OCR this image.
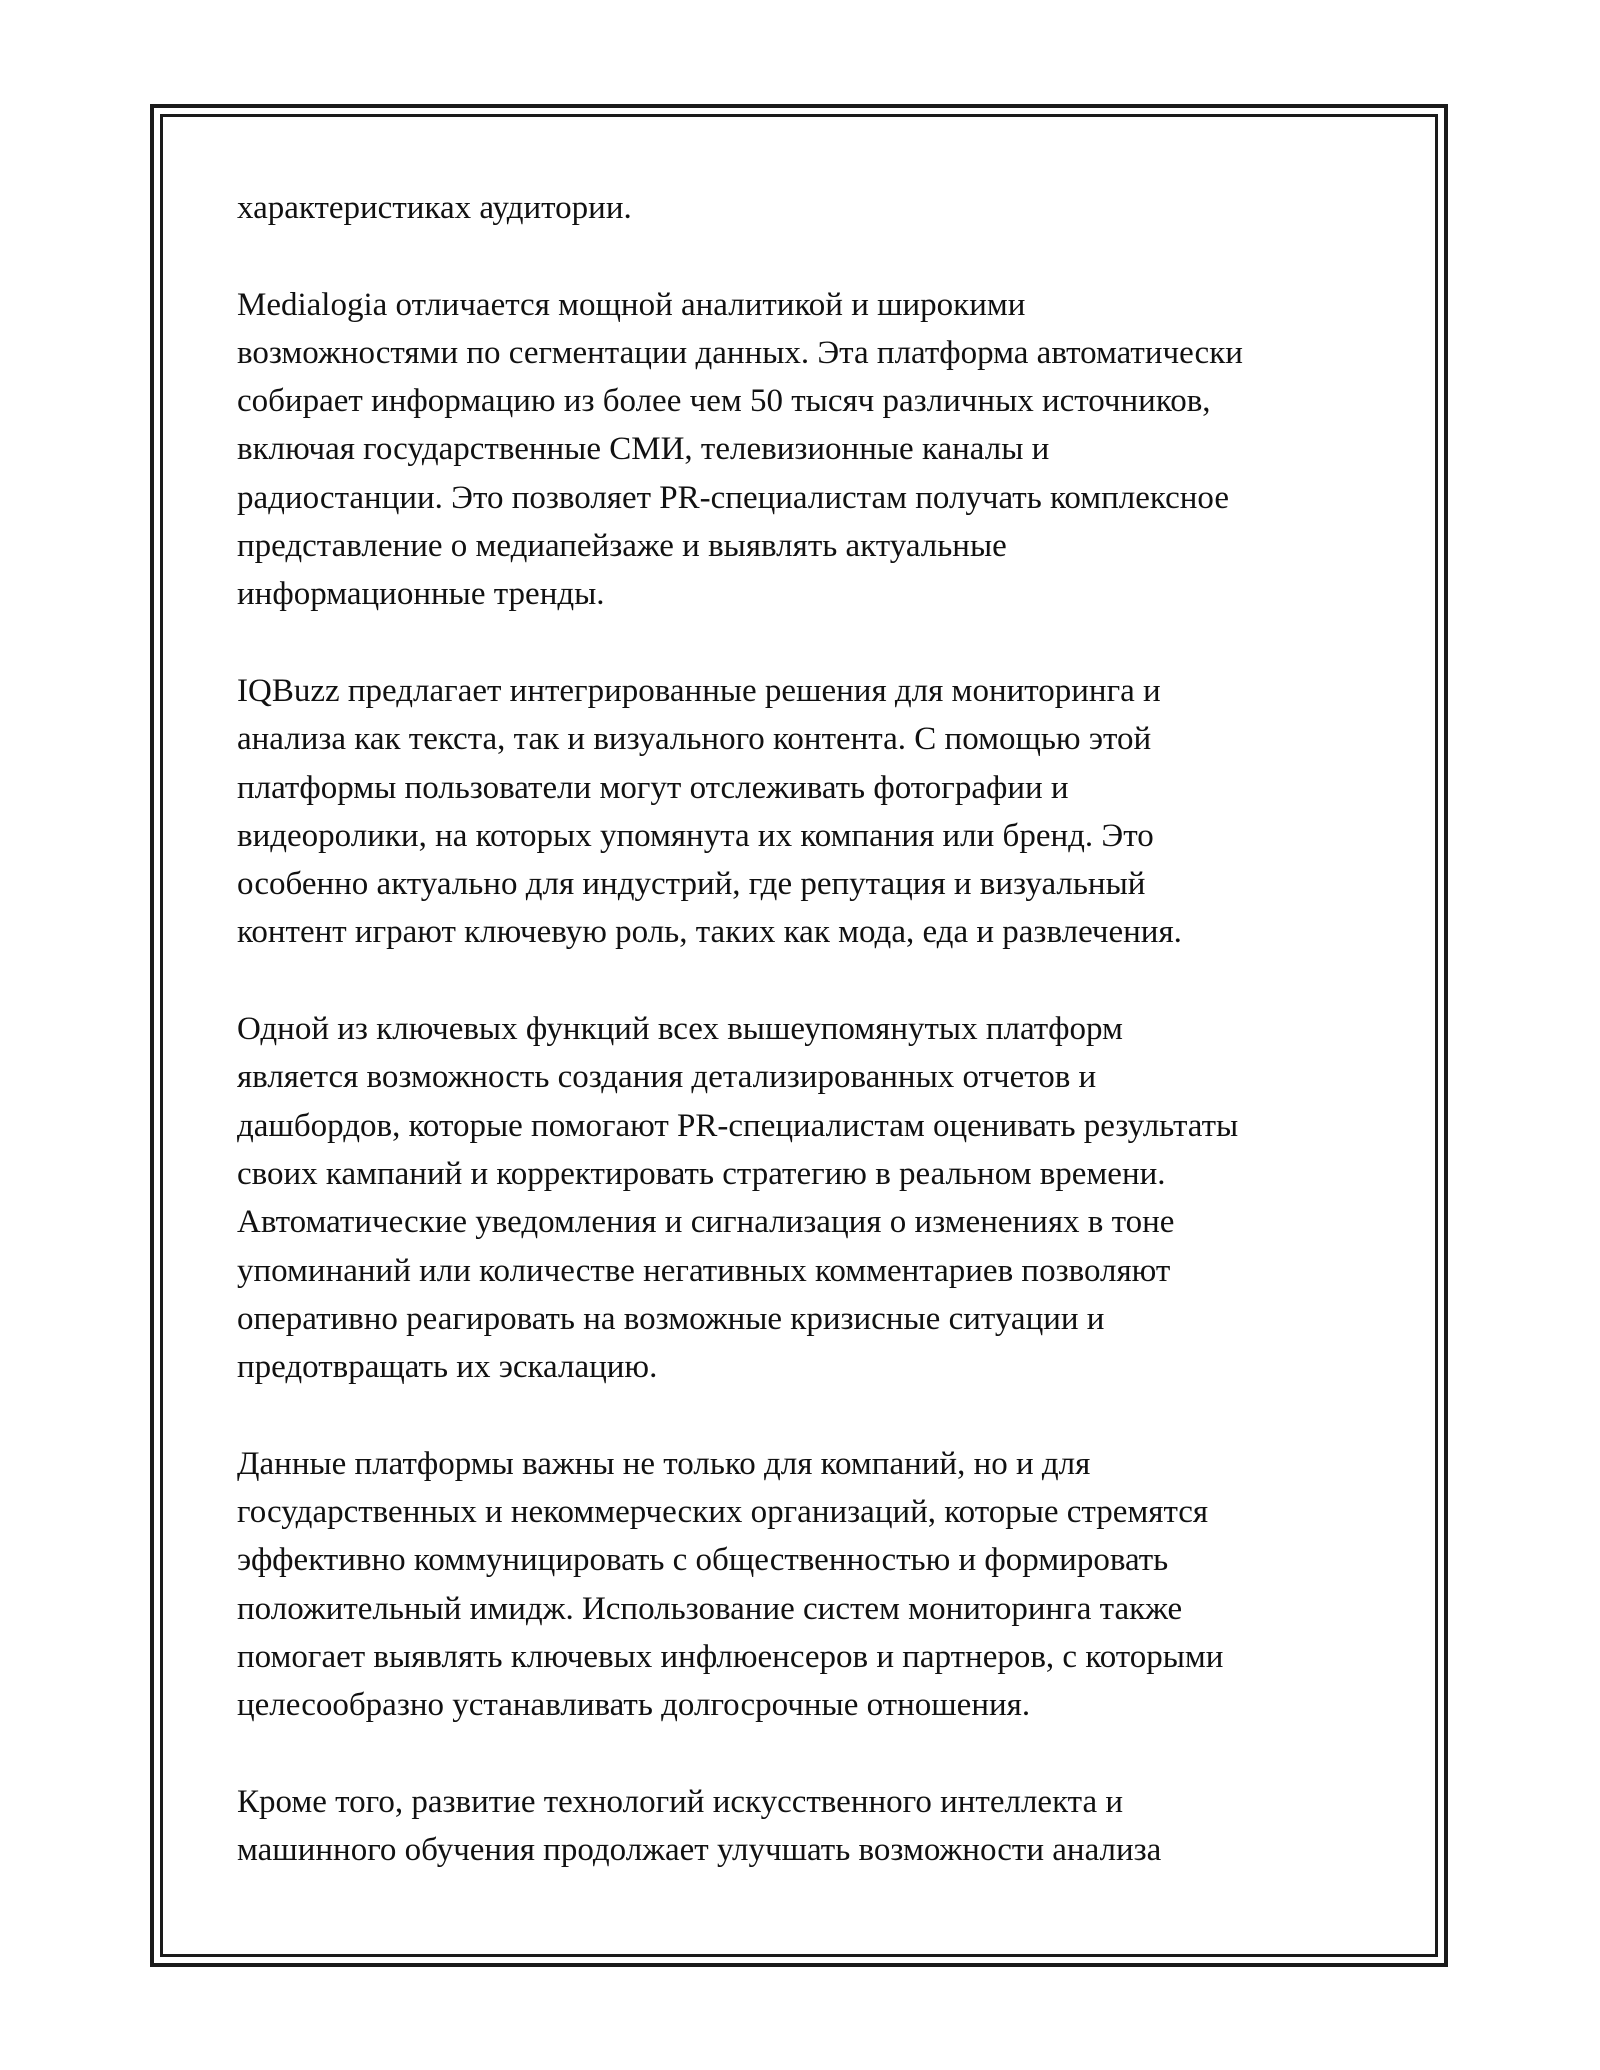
характеристиках аудитории.

Medialogia отличается мощной аналитикой и широкими
возможностями по сегментации данных. Эта платформа автоматически
собирает информацию из более чем 50 тысяч различных источников,
включая государственные СМИ, телевизионные каналы и
радиостанции. Это позволяет PR-специалистам получать комплексное
представление о медиапейзаже и выявлять актуальные
информационные тренды.

IQBuzz предлагает интегрированные решения для мониторинга и
анализа как текста, так и визуального контента. С помощью этой
платформы пользователи могут отслеживать фотографии и
видеоролики, на которых упомянута их компания или бренд. Это
особенно актуально для индустрий, где репутация и визуальный
контент играют ключевую роль, таких как мода, еда и развлечения.

Одной из ключевых функций всех вышеупомянутых платформ
является возможность создания детализированных отчетов и
дашбордов, которые помогают PR-специалистам оценивать результаты
своих кампаний и корректировать стратегию в реальном времени.
Автоматические уведомления и сигнализация о изменениях в тоне
упоминаний или количестве негативных комментариев позволяют
оперативно реагировать на возможные кризисные ситуации и
предотвращать их эскалацию.

Данные платформы важны не только для компаний, но и для
государственных и некоммерческих организаций, которые стремятся
эффективно коммуницировать с общественностью и формировать
положительный имидж. Использование систем мониторинга также
помогает выявлять ключевых инфлюенсеров и партнеров, с которыми
целесообразно устанавливать долгосрочные отношения.

Кроме того, развитие технологий искусственного интеллекта и
машинного обучения продолжает улучшать возможности анализа
